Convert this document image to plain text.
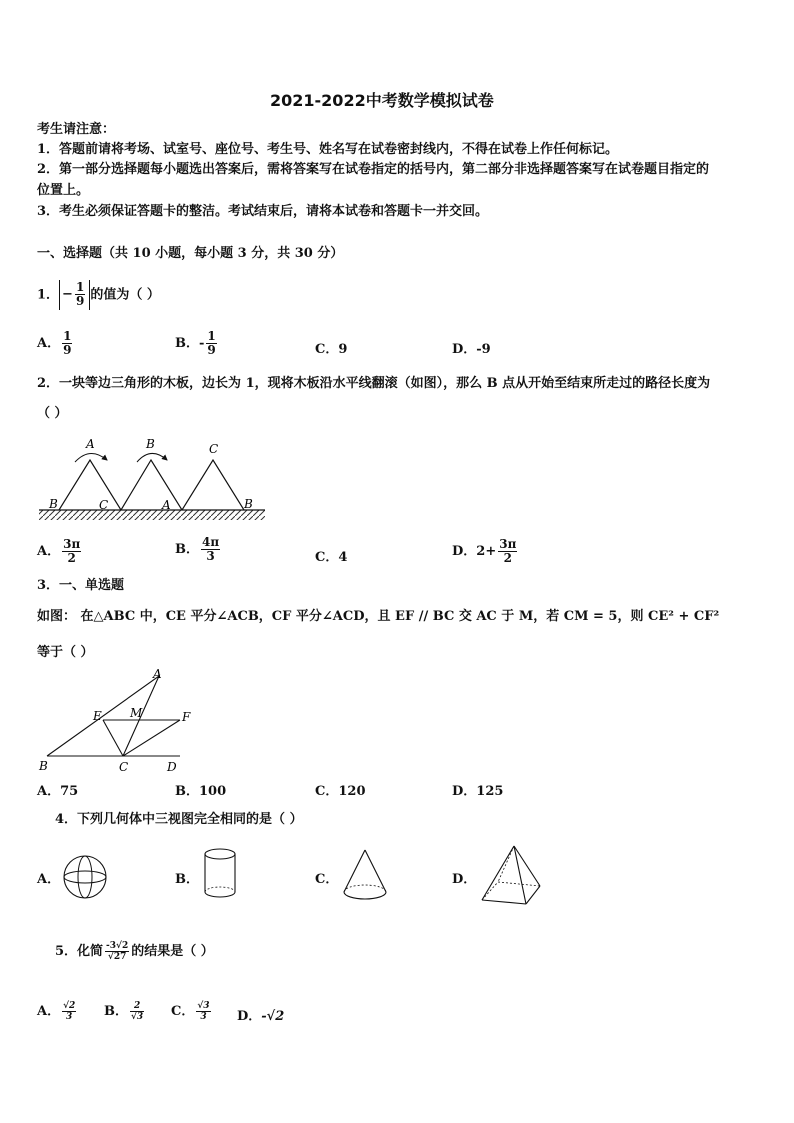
2021-2022中考数学模拟试卷
考生请注意：
1．答题前请将考场、试室号、座位号、考生号、姓名写在试卷密封线内，不得在试卷上作任何标记。
2．第一部分选择题每小题选出答案后，需将答案写在试卷指定的括号内，第二部分非选择题答案写在试卷题目指定的
位置上。
3．考生必须保证答题卡的整洁。考试结束后，请将本试卷和答题卡一并交回。
一、选择题（共 10 小题，每小题 3 分，共 30 分）
1． − $\frac{1}{9}$ 的值为（ ）
A． $\frac{1}{9}$	B．- $\frac{1}{9}$	C．9	D．-9
2．一块等边三角形的木板，边长为 1，现将木板沿水平线翻滚（如图），那么 B 点从开始至结束所走过的路径长度为
（ ）
A	B	C
B	C	A	B
A． $\frac{3\pi}{2}$	B． $\frac{4\pi}{3}$	C．4	D．$2+ \frac{3\pi}{2}$
3．一、单选题
如图： 在△ABC 中，CE 平分∠ACB，CF 平分∠ACD，且 EF // BC 交 AC 于 M，若 CM = 5，则 CE² + CF²
等于（ ）
A
E M	F
B	C	D
A．75	B．100	C．120	D．125
4．下列几何体中三视图完全相同的是（ ）
A．	B．	C．	D．
5．化简 $\frac{-3√2}{√27}$ 的结果是（ ）
A． $\frac{√2}{3}$ B． $\frac{2}{√3}$ C． $\frac{√3}{3}$ D．-√2
